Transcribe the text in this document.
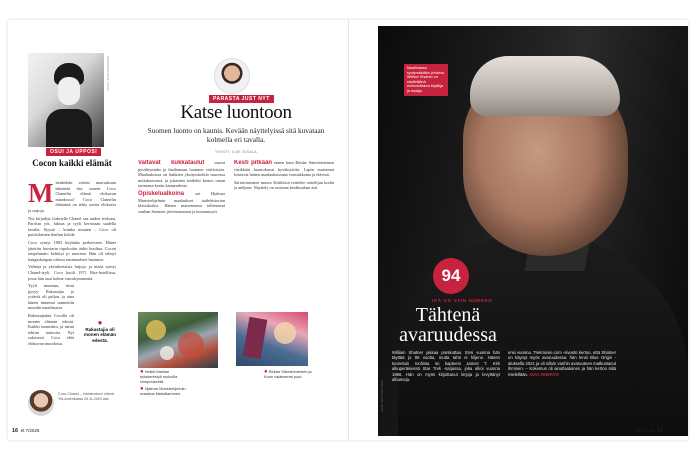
KUVA: SHUTTERSTOCK
OSUI JA UPPOSI
Cocon kaikki elämät

Mitenköhän valaisi marraskuun hämärää itse suuren Coco Chanelin elämä elokuvan muodossa? Coco Chanelin elämästä on tehty useita elokuvia ja sarjoja.

Nyt kirjailija Gabrielle Chanel saa uuden teoksen. Pariisin yöt, luksus ja tyyli kerrotaan uudella tavalla. Syystä – kuinka muuten – Coco oli pariisilaisten ihailun kohde.

Coco syntyi 1883 köyhään perheeseen. Hänet jätettiin luostarin orpokotiin äidin kuoltua. Cocon ompelutaito kehittyi jo nuorena. Hän oli tehnyt kangaskaupan ohessa ensimmäiset hattunsa.

Valtteja ja yksinkertaisia linjoja, ja niistä syntyi Chanel-tyyli. Coco kuoli 1971 Ritz-hotellissa, jossa hän asui kolme vuosikymmentä.

Tyyli muuttuu, nimi pysyy. Rakastajia ja ystäviä oli paljon, ja aina hänen nimensä tunnettiin muodin maailmassa.

Rakastajiakin Cocolla oli monen elämän edestä. Kaikki tunnettiin, ja niistä tehtiin tarinoita. Nyt suloisesti Coco elää elokuvan muodossa.

●
Rakastajia oli monen elämän edestä.
Coco Chanel – intohimoisen elämä Ylä-Amerikassa 26.11.2024 asti.
PARASTA JUST NYT
Katse luontoon
Suomen luonto on kaunis. Kevään näyttelyissä sitä kuvataan kolmella eri tavalla.
TEKSTI: ILSE ÖISALA

Valtavat kukkataulut saavat pysähtymään ja ihailemaan luonnon väriloistoa. Maalauksissa on kukkien yksityiskohtia suuressa mittakaavassa, ja jokainen terälehti kertoo oman tarinansa kesän kauneudesta.

Opiskelualkoina	sai Hjalmar Munsterhjelmin maalaukset taidehistorian klassikoiksi. Hänen maisemansa tallentavat vanhan Suomen järvimaisemat ja kuutamoyöt.

Kesti pitkään ennen kuin Reidar Särestöniemen värikkäät luontokuvat hyväksyttiin. Lapin maisemat loistavat hänen maalauksissaan voimakkaina ja elävinä.

Särestöniemen museo Kittilässä esittelee taiteilijan kodin ja ateljeen. Näyttely on avoinna kesäkuuhun asti.

● Heikki Marilan työskentelyä ruukuilla vinepuukehät.
● Hjalmar Munsterhjelmin maalaus Metsälammen.
● Reidar Särestöniemen ja Kuun valaisemat puut.
16 et 7/2025
Maailmassa syntymästään johtanut William Shatner on näyttelijänä ennenkaikkea kirjailija ja laulaja.
KUVA: SHUTTERSTOCK
94
IKÄ ON VAIN NUMERO
Tähtenä avaruudessa
William Shatner jaksaa porskuttaa. Ensi vuonna hän täyttää jo 95 vuotta, mutta tahti ei hiljene. Hänen tunnetuin roolinsa on kapteeni James T. Kirk alkuperäisessä Star Trek -sarjassa, joka alkoi vuonna 1966. Hän on myös kirjoittanut kirjoja ja levyttänyt albumeja.
ensi vuonna. Trekmovie.com -sivusto kertoo, että Shatner on käynyt myös avaruudessa: hän lensi Blue Origin -aluksella 2021 ja oli silloin vanhin avaruuteen matkustanut ihminen. – Kokemus oli ainutlaatuinen ja hän kertoo siitä mielellään. SUVI SINERVO
et 7/2025 17
